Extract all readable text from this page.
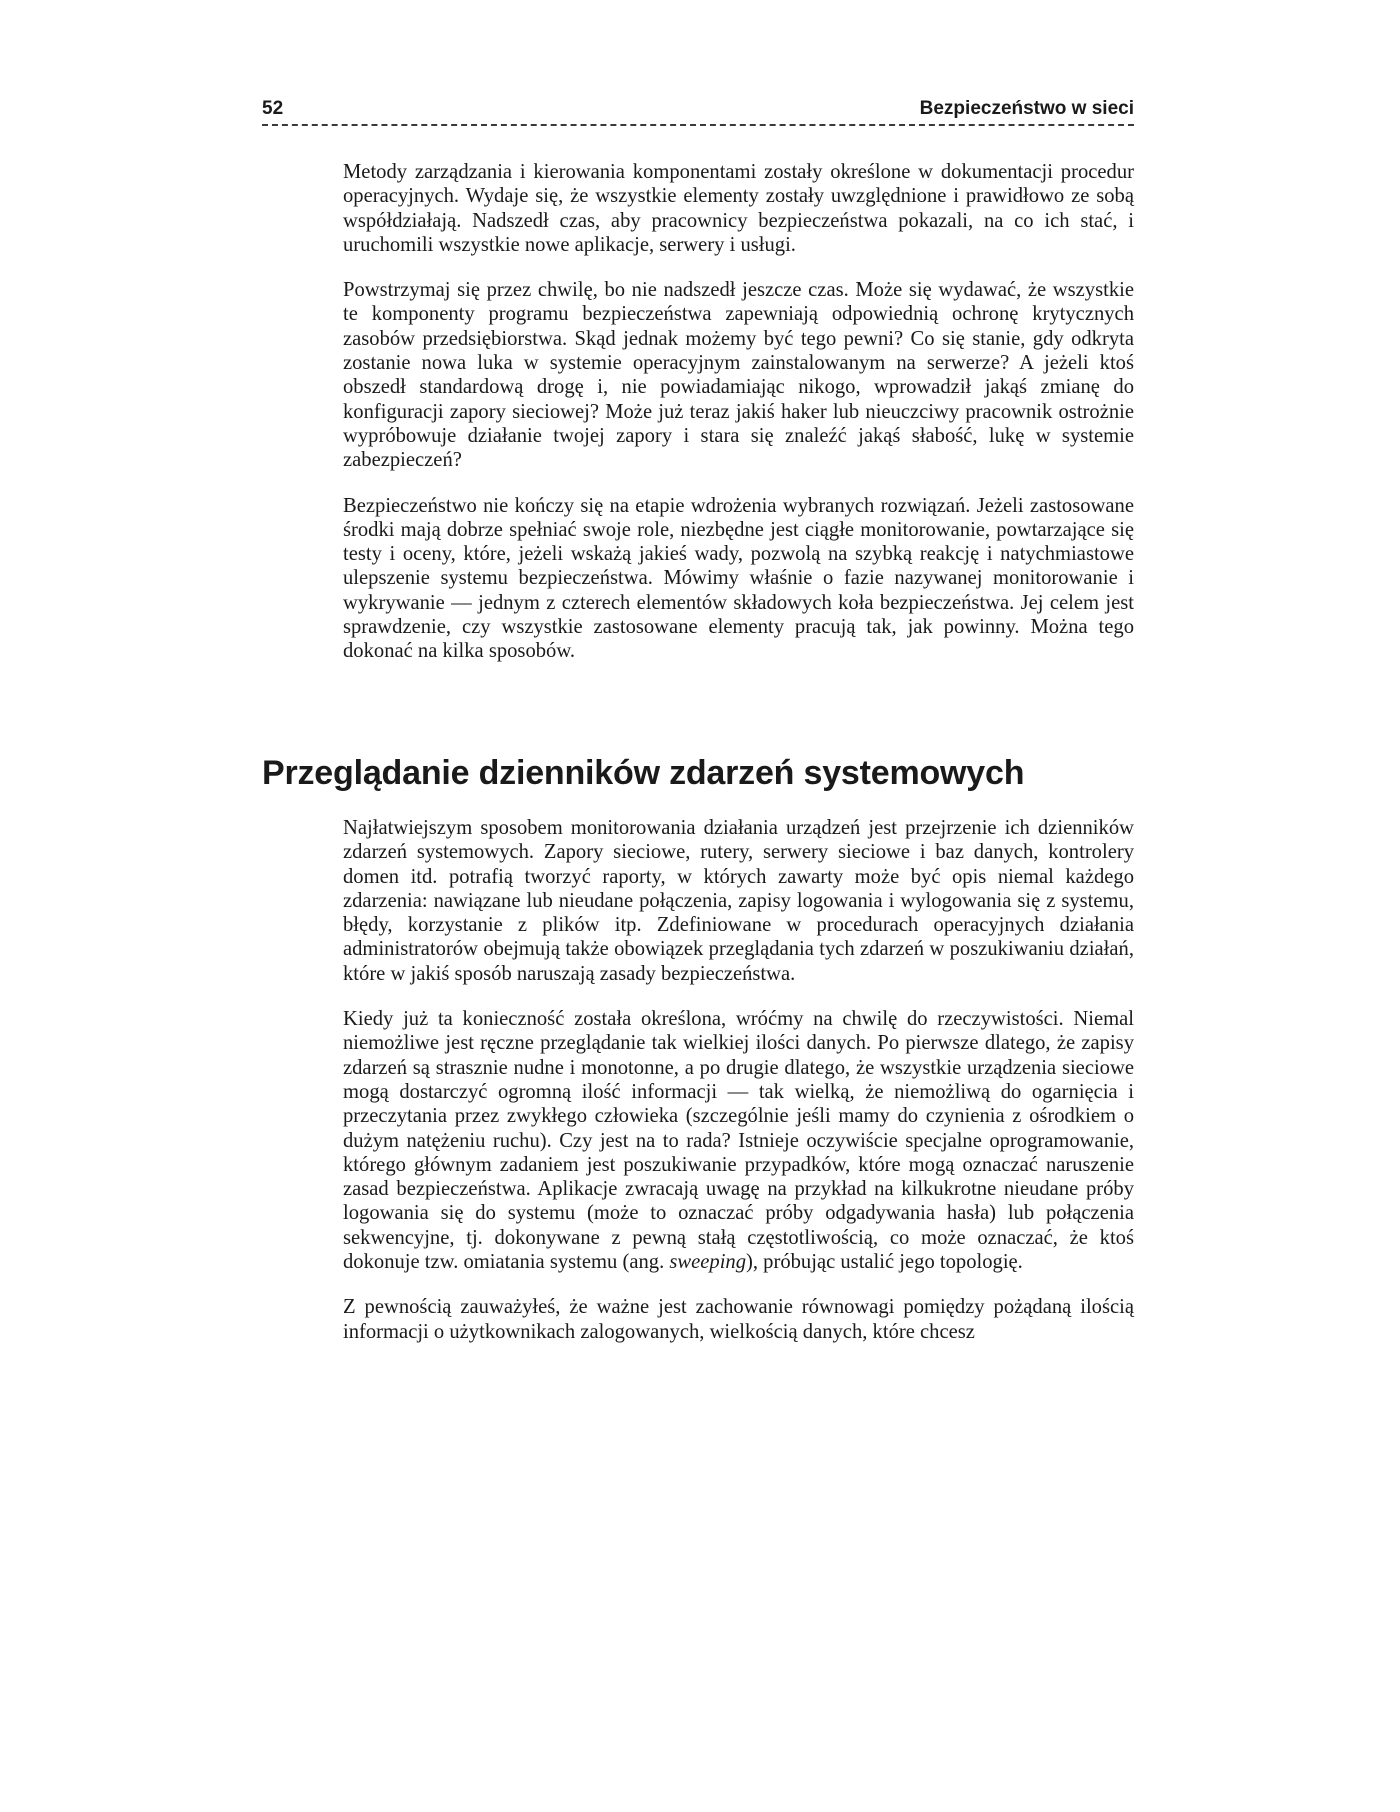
52	Bezpieczeństwo w sieci

Metody zarządzania i kierowania komponentami zostały określone w dokumentacji procedur operacyjnych. Wydaje się, że wszystkie elementy zostały uwzględnione i prawidłowo ze sobą współdziałają. Nadszedł czas, aby pracownicy bezpieczeństwa pokazali, na co ich stać, i uruchomili wszystkie nowe aplikacje, serwery i usługi.

Powstrzymaj się przez chwilę, bo nie nadszedł jeszcze czas. Może się wydawać, że wszystkie te komponenty programu bezpieczeństwa zapewniają odpowiednią ochronę krytycznych zasobów przedsiębiorstwa. Skąd jednak możemy być tego pewni? Co się stanie, gdy odkryta zostanie nowa luka w systemie operacyjnym zainstalowanym na serwerze? A jeżeli ktoś obszedł standardową drogę i, nie powiadamiając nikogo, wprowadził jakąś zmianę do konfiguracji zapory sieciowej? Może już teraz jakiś haker lub nieuczciwy pracownik ostrożnie wypróbowuje działanie twojej zapory i stara się znaleźć jakąś słabość, lukę w systemie zabezpieczeń?

Bezpieczeństwo nie kończy się na etapie wdrożenia wybranych rozwiązań. Jeżeli zastosowane środki mają dobrze spełniać swoje role, niezbędne jest ciągłe monitorowanie, powtarzające się testy i oceny, które, jeżeli wskażą jakieś wady, pozwolą na szybką reakcję i natychmiastowe ulepszenie systemu bezpieczeństwa. Mówimy właśnie o fazie nazywanej monitorowanie i wykrywanie — jednym z czterech elementów składowych koła bezpieczeństwa. Jej celem jest sprawdzenie, czy wszystkie zastosowane elementy pracują tak, jak powinny. Można tego dokonać na kilka sposobów.

Przeglądanie dzienników zdarzeń systemowych

Najłatwiejszym sposobem monitorowania działania urządzeń jest przejrzenie ich dzienników zdarzeń systemowych. Zapory sieciowe, rutery, serwery sieciowe i baz danych, kontrolery domen itd. potrafią tworzyć raporty, w których zawarty może być opis niemal każdego zdarzenia: nawiązane lub nieudane połączenia, zapisy logowania i wylogowania się z systemu, błędy, korzystanie z plików itp. Zdefiniowane w procedurach operacyjnych działania administratorów obejmują także obowiązek przeglądania tych zdarzeń w poszukiwaniu działań, które w jakiś sposób naruszają zasady bezpieczeństwa.

Kiedy już ta konieczność została określona, wróćmy na chwilę do rzeczywistości. Niemal niemożliwe jest ręczne przeglądanie tak wielkiej ilości danych. Po pierwsze dlatego, że zapisy zdarzeń są strasznie nudne i monotonne, a po drugie dlatego, że wszystkie urządzenia sieciowe mogą dostarczyć ogromną ilość informacji — tak wielką, że niemożliwą do ogarnięcia i przeczytania przez zwykłego człowieka (szczególnie jeśli mamy do czynienia z ośrodkiem o dużym natężeniu ruchu). Czy jest na to rada? Istnieje oczywiście specjalne oprogramowanie, którego głównym zadaniem jest poszukiwanie przypadków, które mogą oznaczać naruszenie zasad bezpieczeństwa. Aplikacje zwracają uwagę na przykład na kilkukrotne nieudane próby logowania się do systemu (może to oznaczać próby odgadywania hasła) lub połączenia sekwencyjne, tj. dokonywane z pewną stałą częstotliwością, co może oznaczać, że ktoś dokonuje tzw. omiatania systemu (ang. sweeping), próbując ustalić jego topologię.

Z pewnością zauważyłeś, że ważne jest zachowanie równowagi pomiędzy pożądaną ilością informacji o użytkownikach zalogowanych, wielkością danych, które chcesz
